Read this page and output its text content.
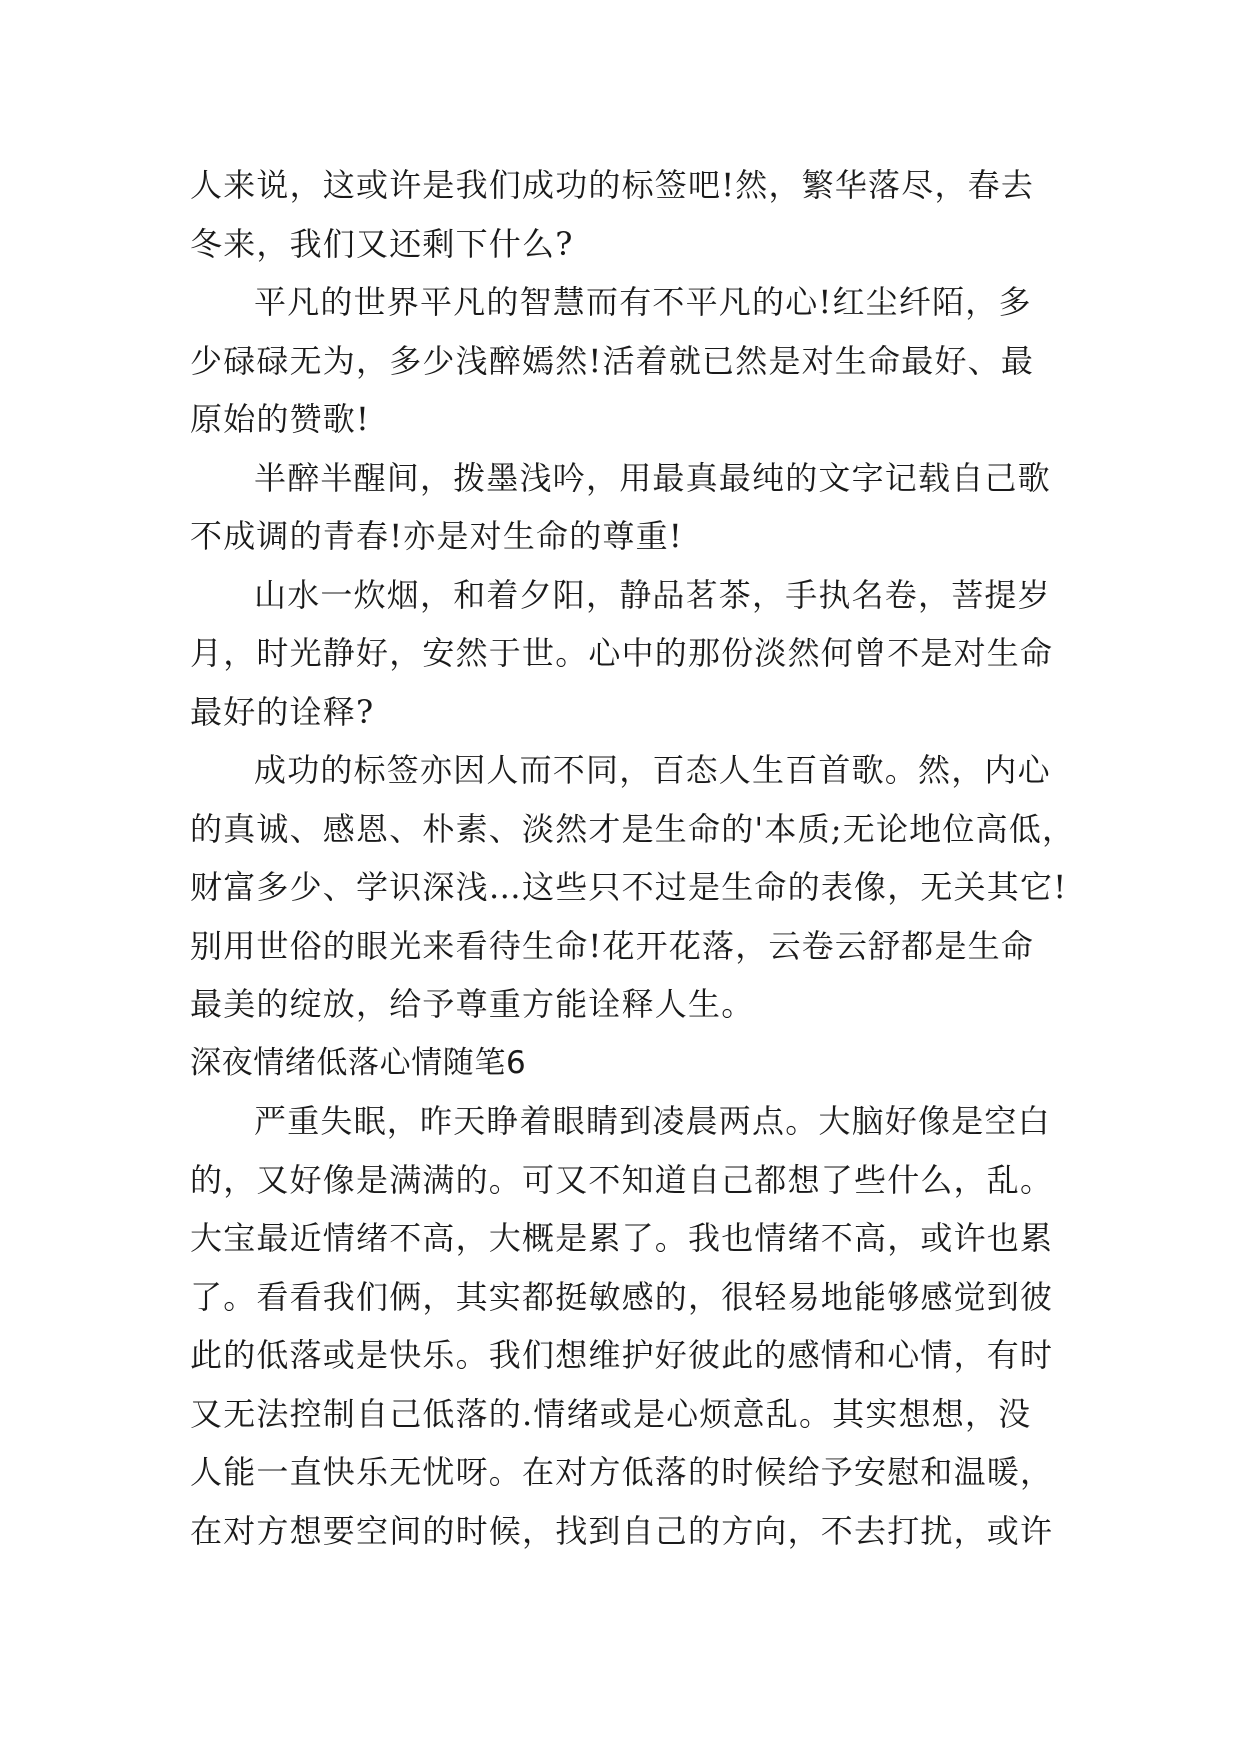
人来说，这或许是我们成功的标签吧!然，繁华落尽，春去

冬来，我们又还剩下什么?

平凡的世界平凡的智慧而有不平凡的心!红尘纤陌，多

少碌碌无为，多少浅醉嫣然!活着就已然是对生命最好、最

原始的赞歌!

半醉半醒间，拨墨浅吟，用最真最纯的文字记载自己歌

不成调的青春!亦是对生命的尊重!

山水一炊烟，和着夕阳，静品茗茶，手执名卷，菩提岁

月，时光静好，安然于世。心中的那份淡然何曾不是对生命

最好的诠释?

成功的标签亦因人而不同，百态人生百首歌。然，内心

的真诚、感恩、朴素、淡然才是生命的'本质;无论地位高低，

财富多少、学识深浅…这些只不过是生命的表像，无关其它!

别用世俗的眼光来看待生命!花开花落，云卷云舒都是生命

最美的绽放，给予尊重方能诠释人生。

深夜情绪低落心情随笔6

严重失眠，昨天睁着眼睛到凌晨两点。大脑好像是空白

的，又好像是满满的。可又不知道自己都想了些什么，乱。

大宝最近情绪不高，大概是累了。我也情绪不高，或许也累

了。看看我们俩，其实都挺敏感的，很轻易地能够感觉到彼

此的低落或是快乐。我们想维护好彼此的感情和心情，有时

又无法控制自己低落的.情绪或是心烦意乱。其实想想，没

人能一直快乐无忧呀。在对方低落的时候给予安慰和温暖，

在对方想要空间的时候，找到自己的方向，不去打扰，或许
